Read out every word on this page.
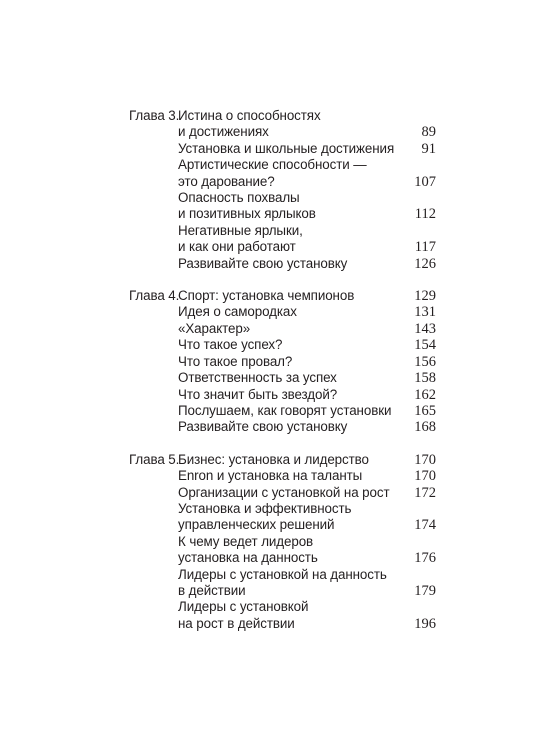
Глава 3.
Истина о способностях
и достижениях	89
Установка и школьные достижения	91
Артистические способности —
это дарование?	107
Опасность похвалы
и позитивных ярлыков	112
Негативные ярлыки,
и как они работают	117
Развивайте свою установку	126
Глава 4.
Спорт: установка чемпионов	129
Идея о самородках	131
«Характер»	143
Что такое успех?	154
Что такое провал?	156
Ответственность за успех	158
Что значит быть звездой?	162
Послушаем, как говорят установки	165
Развивайте свою установку	168
Глава 5.
Бизнес: установка и лидерство	170
Enron и установка на таланты	170
Организации с установкой на рост	172
Установка и эффективность
управленческих решений	174
К чему ведет лидеров
установка на данность	176
Лидеры с установкой на данность
в действии	179
Лидеры с установкой
на рост в действии	196
